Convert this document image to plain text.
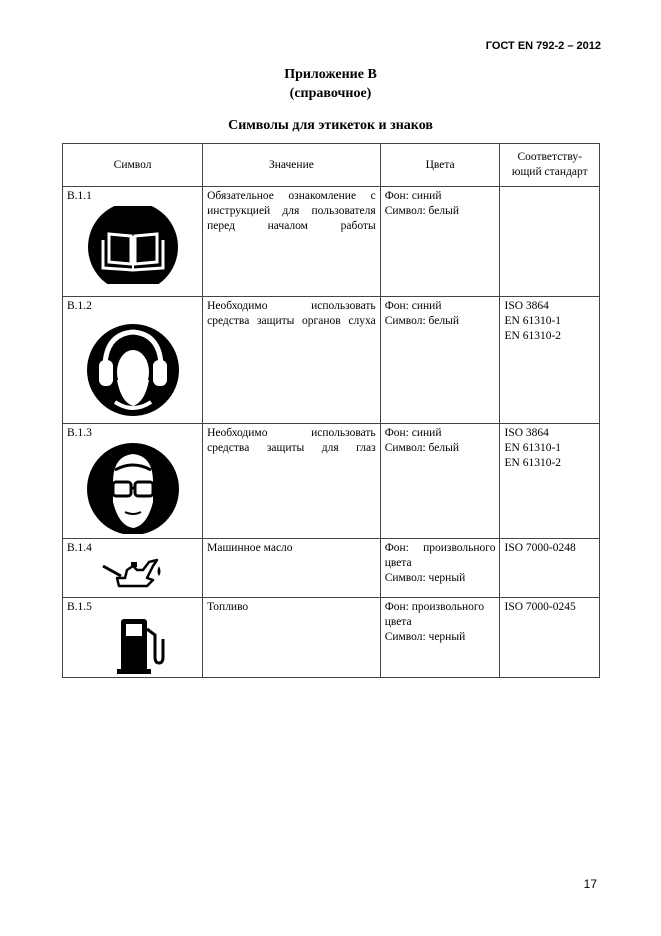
ГОСТ EN 792-2 – 2012
Приложение В
(справочное)
Символы для этикеток и знаков
Символ	Значение	Цвета	Соответству-ющий стандарт

В.1.1	Обязательное ознакомление с инструкцией для пользователя перед началом работы	Фон: синий
Символ: белый	

В.1.2	Необходимо использовать средства защиты органов слуха	Фон: синий
Символ: белый	ISO 3864
EN 61310-1
EN 61310-2

В.1.3	Необходимо использовать средства защиты для глаз	Фон: синий
Символ: белый	ISO 3864
EN 61310-1
EN 61310-2

В.1.4	Машинное масло	Фон: произвольного цвета
Символ: черный	ISO 7000-0248

В.1.5	Топливо	Фон: произвольного цвета
Символ: черный	ISO 7000-0245
17
